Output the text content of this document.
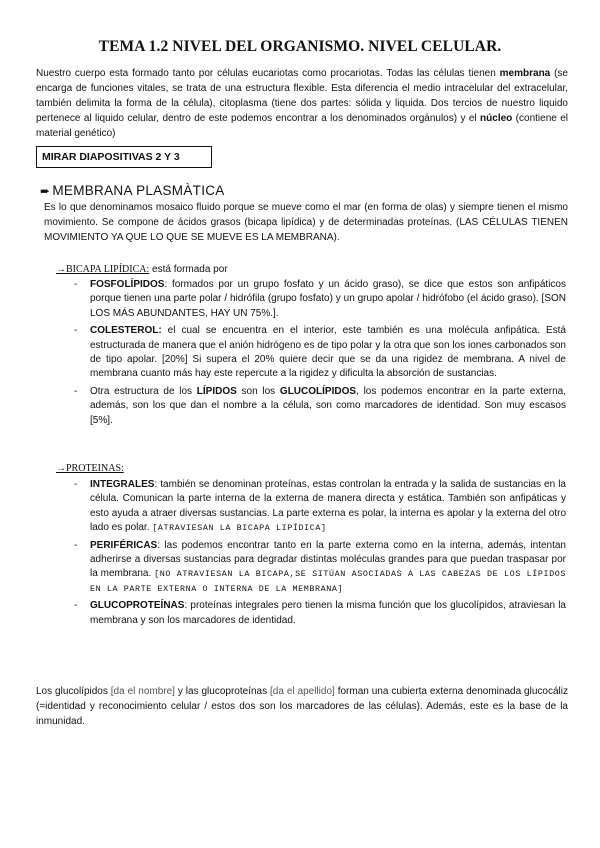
TEMA 1.2 NIVEL DEL ORGANISMO. NIVEL CELULAR.
Nuestro cuerpo esta formado tanto por células eucariotas como procariotas. Todas las células tienen membrana (se encarga de funciones vitales, se trata de una estructura flexible. Esta diferencia el medio intracelular del extracelular, también delimita la forma de la célula), citoplasma (tiene dos partes: sólida y liquida. Dos tercios de nuestro liquido pertenece al liquido celular, dentro de este podemos encontrar a los denominados orgánulos) y el núcleo (contiene el material genético)
MIRAR DIAPOSITIVAS 2 Y 3
➨ MEMBRANA PLASMÀTICA
Es lo que denominamos mosaico fluido porque se mueve como el mar (en forma de olas) y siempre tienen el mismo movimiento. Se compone de ácidos grasos (bicapa lipídica) y de determinadas proteínas. (LAS CÉLULAS TIENEN MOVIMIENTO YA QUE LO QUE SE MUEVE ES LA MEMBRANA).
→BICAPA LIPÍDICA: está formada por
- FOSFOLÍPIDOS: formados por un grupo fosfato y un ácido graso), se dice que estos son anfipáticos porque tienen una parte polar / hidrófila (grupo fosfato) y un grupo apolar / hidrófobo (el ácido graso). [SON LOS MÁS ABUNDANTES, HAY UN 75%.].
- COLESTEROL: el cual se encuentra en el interior, este también es una molécula anfipática. Está estructurada de manera que el anión hidrógeno es de tipo polar y la otra que son los iones carbonados son de tipo apolar. [20%] Si supera el 20% quiere decir que se da una rigidez de membrana. A nivel de membrana cuanto más hay este repercute a la rigidez y dificulta la absorción de sustancias.
- Otra estructura de los LÍPIDOS son los GLUCOLÍPIDOS, los podemos encontrar en la parte externa, además, son los que dan el nombre a la célula, son como marcadores de identidad. Son muy escasos [5%].
→PROTEINAS:
- INTEGRALES: también se denominan proteínas, estas controlan la entrada y la salida de sustancias en la célula. Comunican la parte interna de la externa de manera directa y estática. También son anfipáticas y esto ayuda a atraer diversas sustancias. La parte externa es polar, la interna es apolar y la externa del otro lado es polar. [ATRAVIESAN LA BICAPA LIPÍDICA]
- PERIFÉRICAS: las podemos encontrar tanto en la parte externa como en la interna, además, intentan adherirse a diversas sustancias para degradar distintas moléculas grandes para que puedan traspasar por la membrana. [NO ATRAVIESAN LA BICAPA,SE SITÚAN ASOCIADAS A LAS CABEZAS DE LOS LÍPIDOS EN LA PARTE EXTERNA O INTERNA DE LA MEMBRANA]
- GLUCOPROTEÍNAS: proteínas integrales pero tienen la misma función que los glucolípidos, atraviesan la membrana y son los marcadores de identidad.
Los glucolípidos [da el nombre] y las glucoproteínas [da el apellido] forman una cubierta externa denominada glucocáliz (=identidad y reconocimiento celular / estos dos son los marcadores de las células). Además, este es la base de la inmunidad.
